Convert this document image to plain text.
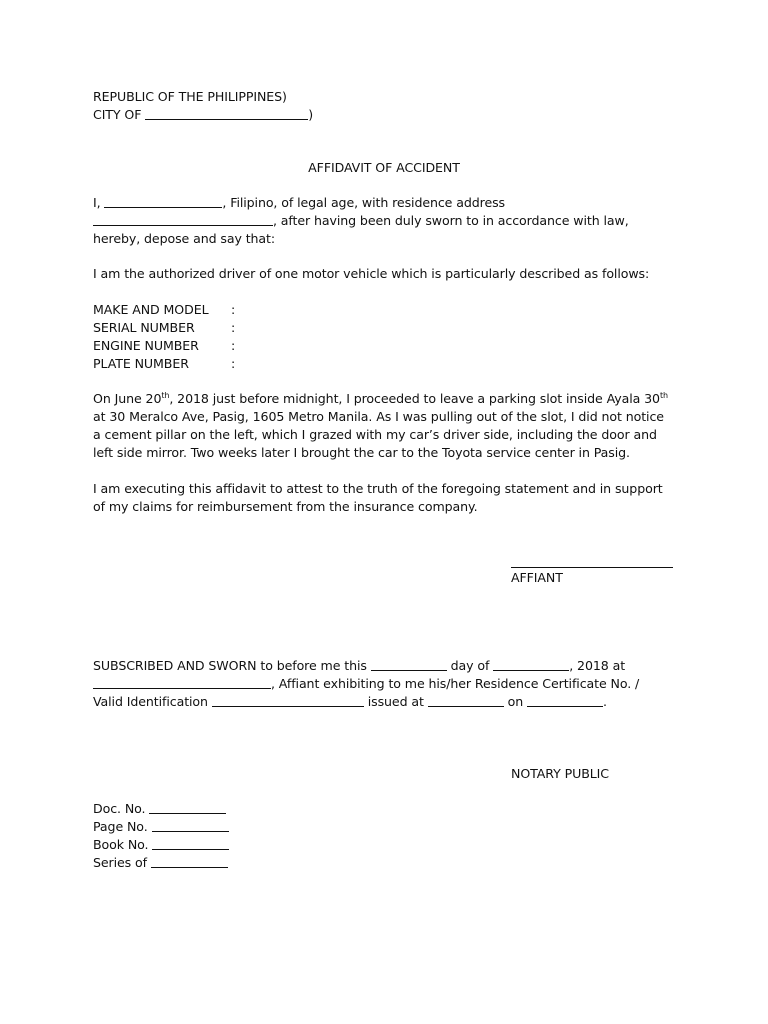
REPUBLIC OF THE PHILIPPINES)
CITY OF	)
AFFIDAVIT OF ACCIDENT
I,	, Filipino, of legal age, with residence address
, after having been duly sworn to in accordance with law,
hereby, depose and say that:
I am the authorized driver of one motor vehicle which is particularly described as follows:
MAKE AND MODEL :
SERIAL NUMBER	:
ENGINE NUMBER	:
PLATE NUMBER	:
On June 20th, 2018 just before midnight, I proceeded to leave a parking slot inside Ayala 30th
at 30 Meralco Ave, Pasig, 1605 Metro Manila. As I was pulling out of the slot, I did not notice
a cement pillar on the left, which I grazed with my car’s driver side, including the door and
left side mirror. Two weeks later I brought the car to the Toyota service center in Pasig.
I am executing this affidavit to attest to the truth of the foregoing statement and in support
of my claims for reimbursement from the insurance company.
AFFIANT
SUBSCRIBED AND SWORN to before me this	day of	, 2018 at
, Affiant exhibiting to me his/her Residence Certificate No. /
Valid Identification	issued at	on	.
NOTARY PUBLIC
Doc. No.
Page No.
Book No.
Series of
